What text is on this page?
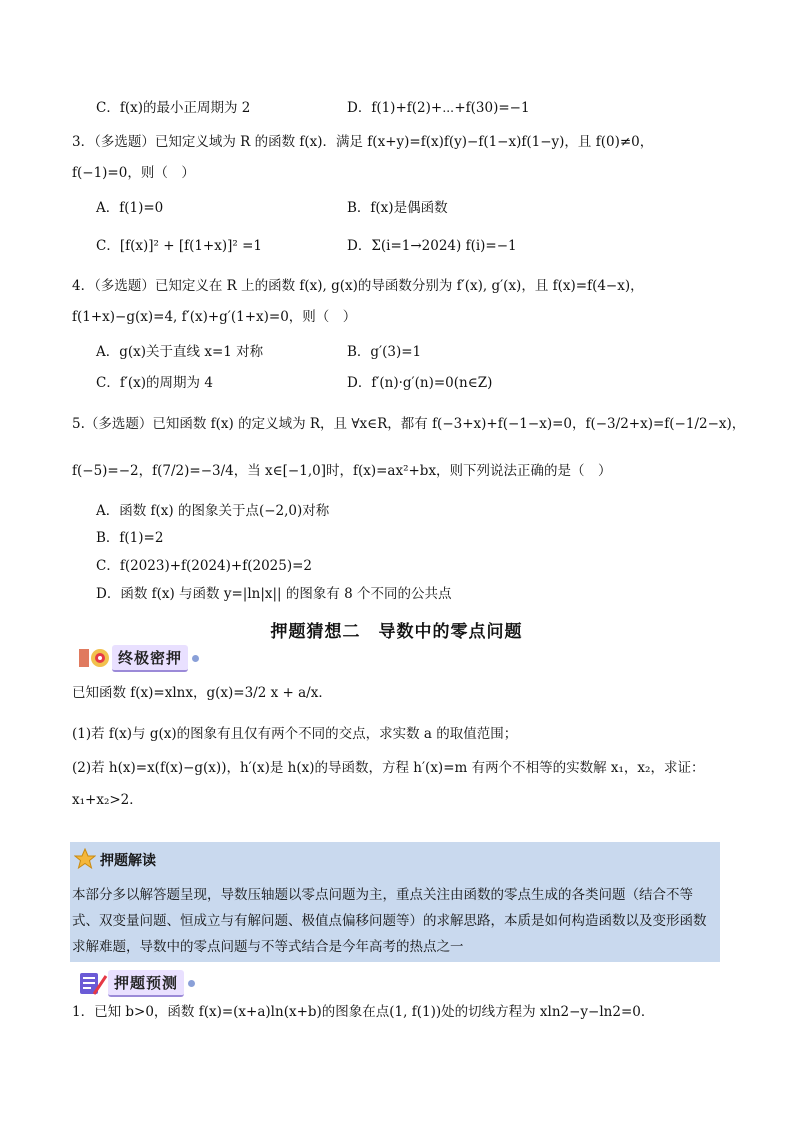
C．f(x)的最小正周期为 2	D．f(1)+f(2)+⋯+f(30)=−1
3．（多选题）已知定义域为 R 的函数 f(x)．满足 f(x+y)=f(x)f(y)−f(1−x)f(1−y)，且 f(0)≠0，
f(−1)=0，则（　）
A．f(1)=0	B．f(x)是偶函数
C．[f(x)]² + [f(1+x)]² =1	D．Σ(i=1→2024) f(i)=−1
4．（多选题）已知定义在 R 上的函数 f(x), g(x)的导函数分别为 f′(x), g′(x)，且 f(x)=f(4−x)，
f(1+x)−g(x)=4, f′(x)+g′(1+x)=0，则（　）
A．g(x)关于直线 x=1 对称	B．g′(3)=1
C．f′(x)的周期为 4	D．f′(n)·g′(n)=0(n∈Z)
5.（多选题）已知函数 f(x) 的定义域为 R，且 ∀x∈R，都有 f(−3+x)+f(−1−x)=0，f(−3/2+x)=f(−1/2−x)，
f(−5)=−2，f(7/2)=−3/4，当 x∈[−1,0]时，f(x)=ax²+bx，则下列说法正确的是（　）
A．函数 f(x) 的图象关于点(−2,0)对称
B．f(1)=2
C．f(2023)+f(2024)+f(2025)=2
D．函数 f(x) 与函数 y=|ln|x|| 的图象有 8 个不同的公共点
押题猜想二　导数中的零点问题
终极密押
已知函数 f(x)=xlnx，g(x)=3/2 x + a/x．
(1)若 f(x)与 g(x)的图象有且仅有两个不同的交点，求实数 a 的取值范围；
(2)若 h(x)=x(f(x)−g(x))，h′(x)是 h(x)的导函数，方程 h′(x)=m 有两个不相等的实数解 x₁，x₂，求证：
x₁+x₂>2．
押题解读
本部分多以解答题呈现，导数压轴题以零点问题为主，重点关注由函数的零点生成的各类问题（结合不等式、双变量问题、恒成立与有解问题、极值点偏移问题等）的求解思路，本质是如何构造函数以及变形函数求解难题，导数中的零点问题与不等式结合是今年高考的热点之一
押题预测
1．已知 b>0，函数 f(x)=(x+a)ln(x+b)的图象在点(1, f(1))处的切线方程为 xln2−y−ln2=0．
